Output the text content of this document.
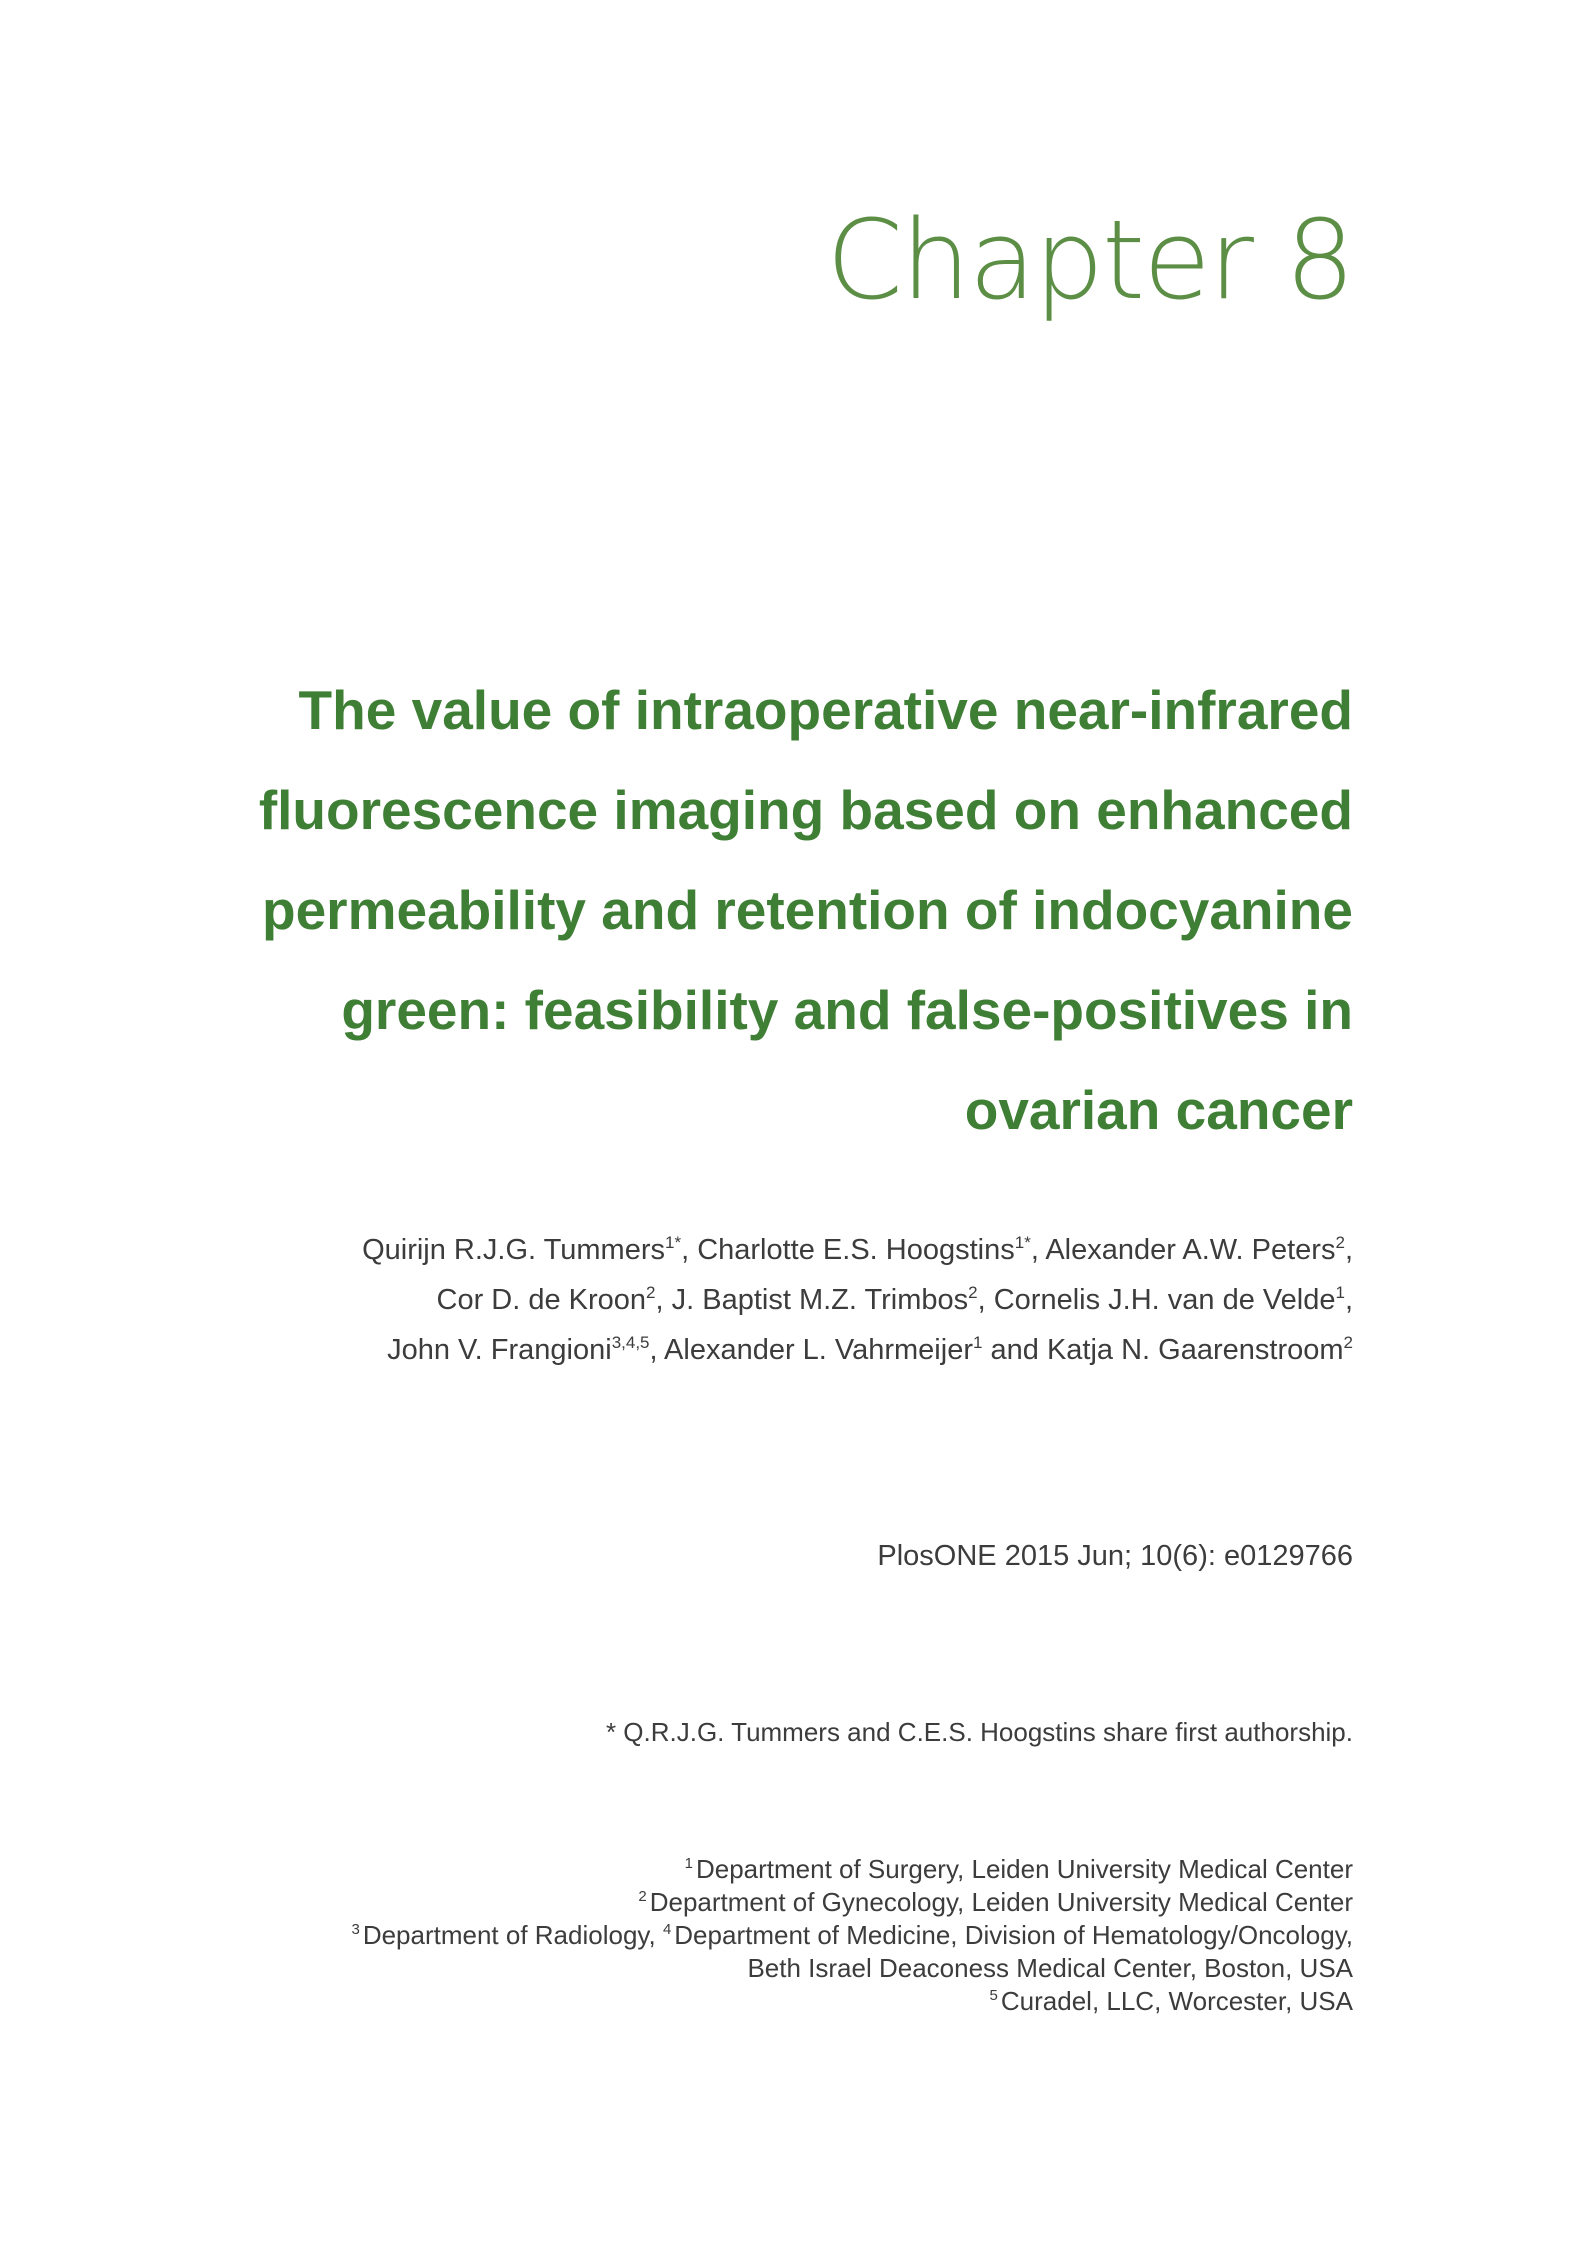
Chapter 8
The value of intraoperative near-infrared
fluorescence imaging based on enhanced
permeability and retention of indocyanine
green: feasibility and false-positives in
ovarian cancer
Quirijn R.J.G. Tummers$^{1*}$, Charlotte E.S. Hoogstins$^{1*}$, Alexander A.W. Peters$^2$,
Cor D. de Kroon$^2$, J. Baptist M.Z. Trimbos$^2$, Cornelis J.H. van de Velde$^1$,
John V. Frangioni$^{3,4,5}$, Alexander L. Vahrmeijer$^1$ and Katja N. Gaarenstroom$^2$
PlosONE 2015 Jun; 10(6): e0129766
* Q.R.J.G. Tummers and C.E.S. Hoogstins share first authorship.
$^1$ Department of Surgery, Leiden University Medical Center
$^2$ Department of Gynecology, Leiden University Medical Center
$^3$ Department of Radiology, $^4$ Department of Medicine, Division of Hematology/Oncology,
Beth Israel Deaconess Medical Center, Boston, USA
$^5$ Curadel, LLC, Worcester, USA
